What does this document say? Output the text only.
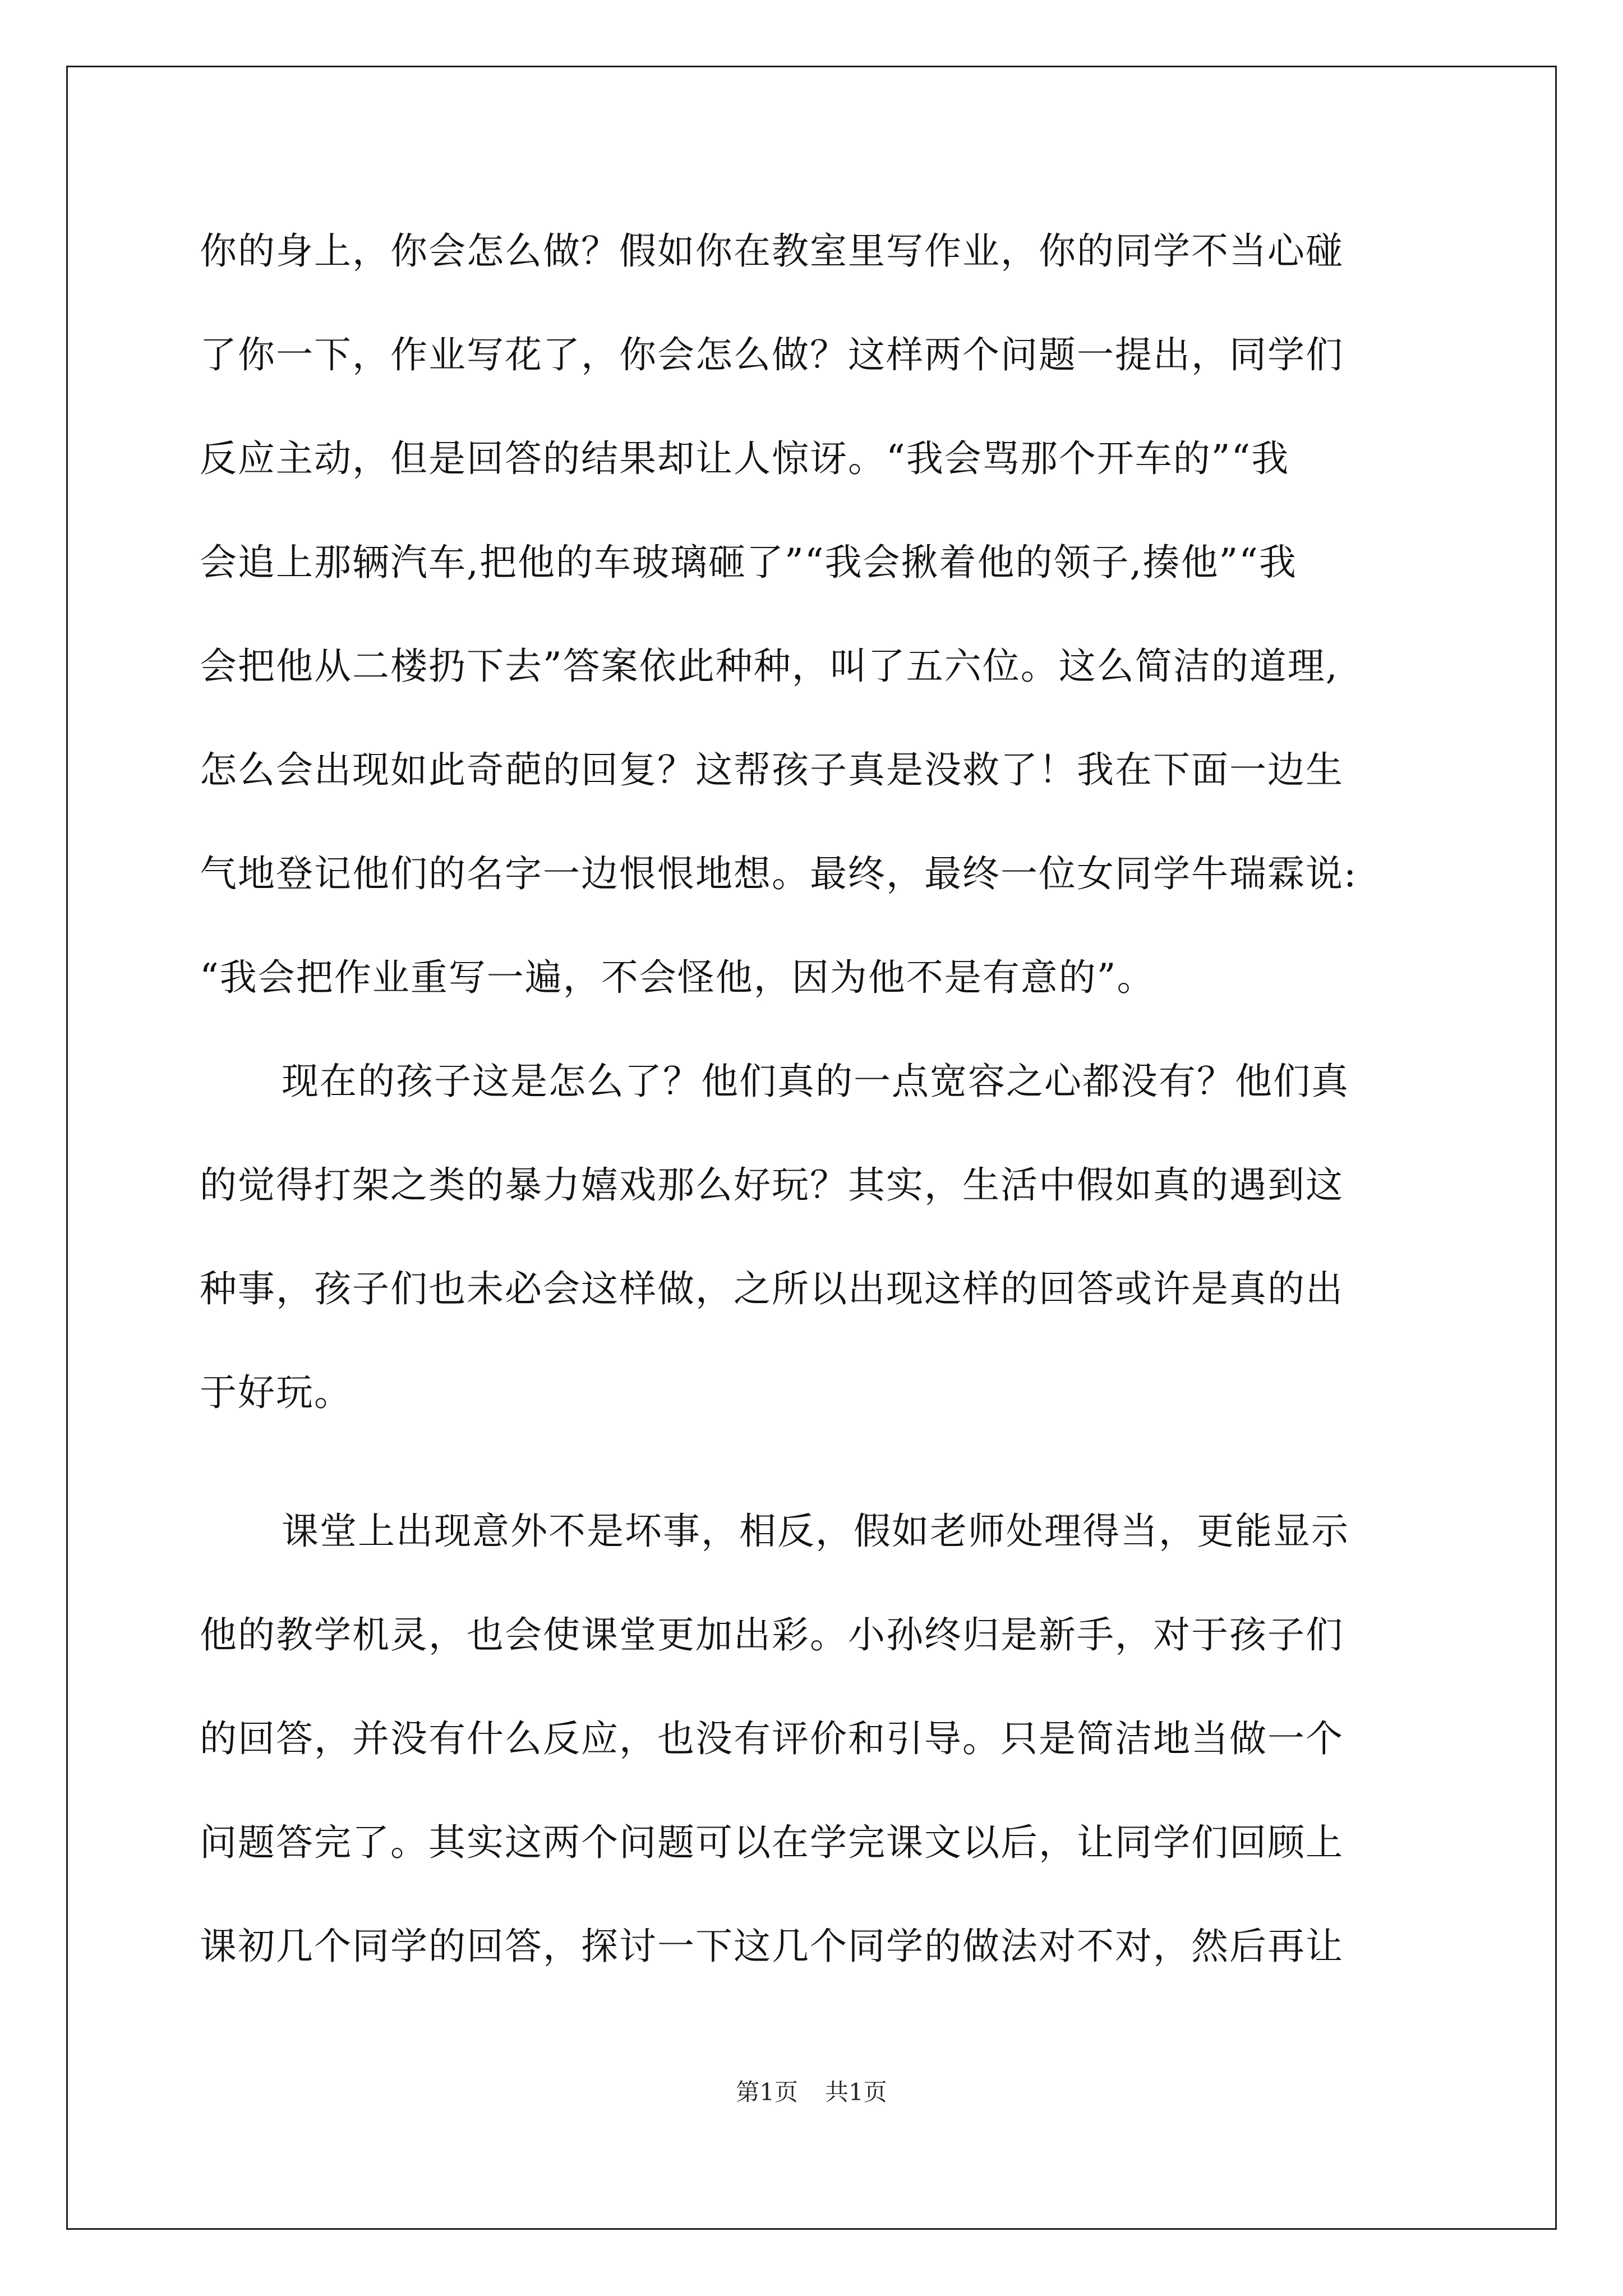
你的身上，你会怎么做？假如你在教室里写作业，你的同学不当心碰
了你一下，作业写花了，你会怎么做？这样两个问题一提出，同学们
反应主动，但是回答的结果却让人惊讶。“我会骂那个开车的”“我
会追上那辆汽车,把他的车玻璃砸了”“我会揪着他的领子,揍他”“我
会把他从二楼扔下去”答案依此种种，叫了五六位。这么简洁的道理,
怎么会出现如此奇葩的回复？这帮孩子真是没救了！我在下面一边生
气地登记他们的名字一边恨恨地想。最终，最终一位女同学牛瑞霖说:
“我会把作业重写一遍，不会怪他，因为他不是有意的”。
现在的孩子这是怎么了？他们真的一点宽容之心都没有？他们真
的觉得打架之类的暴力嬉戏那么好玩？其实，生活中假如真的遇到这
种事，孩子们也未必会这样做，之所以出现这样的回答或许是真的出
于好玩。
课堂上出现意外不是坏事，相反，假如老师处理得当，更能显示
他的教学机灵，也会使课堂更加出彩。小孙终归是新手，对于孩子们
的回答，并没有什么反应，也没有评价和引导。只是简洁地当做一个
问题答完了。其实这两个问题可以在学完课文以后，让同学们回顾上
课初几个同学的回答，探讨一下这几个同学的做法对不对，然后再让
第1页 共1页
